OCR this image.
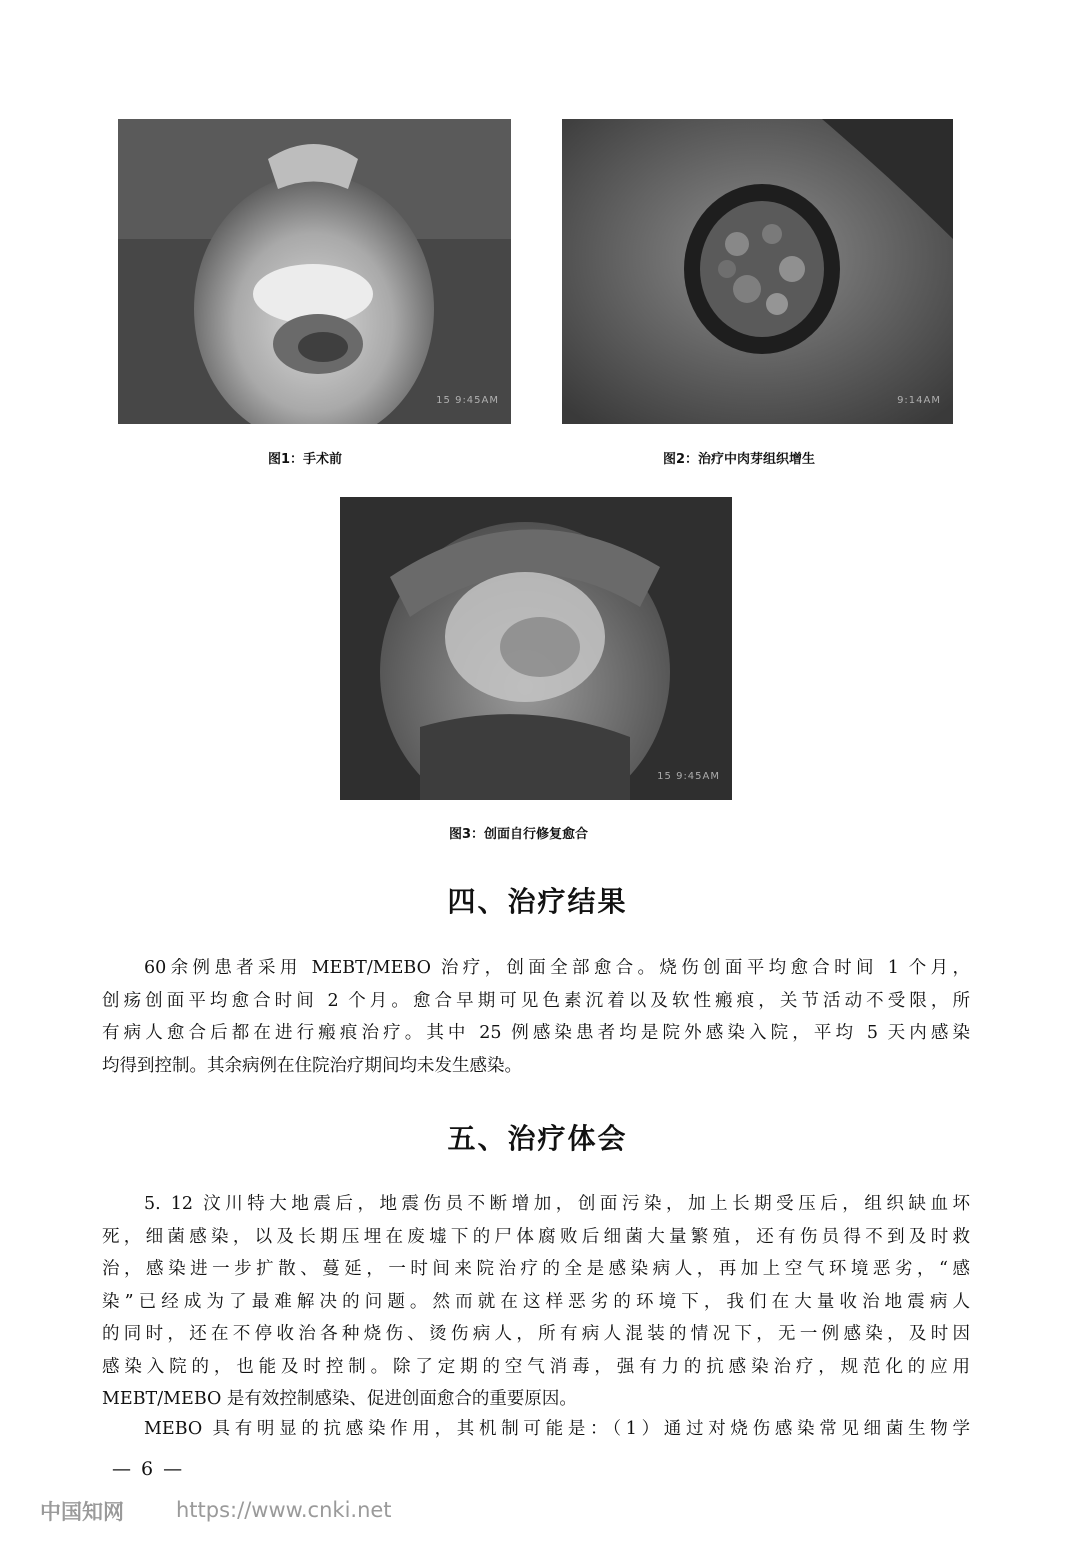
15 9:45AM	9:14AM
15 9:45AM
图1：手术前	图2：治疗中肉芽组织增生
图3：创面自行修复愈合
四、治疗结果

60余例患者采用 MEBT/MEBO 治疗，创面全部愈合。烧伤创面平均愈合时间 1 个月，
创疡创面平均愈合时间 2 个月。愈合早期可见色素沉着以及软性瘢痕，关节活动不受限，所
有病人愈合后都在进行瘢痕治疗。其中 25 例感染患者均是院外感染入院，平均 5 天内感染
均得到控制。其余病例在住院治疗期间均未发生感染。

五、治疗体会

5. 12 汶川特大地震后，地震伤员不断增加，创面污染，加上长期受压后，组织缺血坏
死，细菌感染，以及长期压埋在废墟下的尸体腐败后细菌大量繁殖，还有伤员得不到及时救
治，感染进一步扩散、蔓延，一时间来院治疗的全是感染病人，再加上空气环境恶劣，“感
染”已经成为了最难解决的问题。然而就在这样恶劣的环境下，我们在大量收治地震病人
的同时，还在不停收治各种烧伤、烫伤病人，所有病人混装的情况下，无一例感染，及时因
感染入院的，也能及时控制。除了定期的空气消毒，强有力的抗感染治疗，规范化的应用
MEBT/MEBO 是有效控制感染、促进创面愈合的重要原因。

MEBO 具有明显的抗感染作用，其机制可能是：（1）通过对烧伤感染常见细菌生物学

— 6 —
中国知网 https://www.cnki.net
